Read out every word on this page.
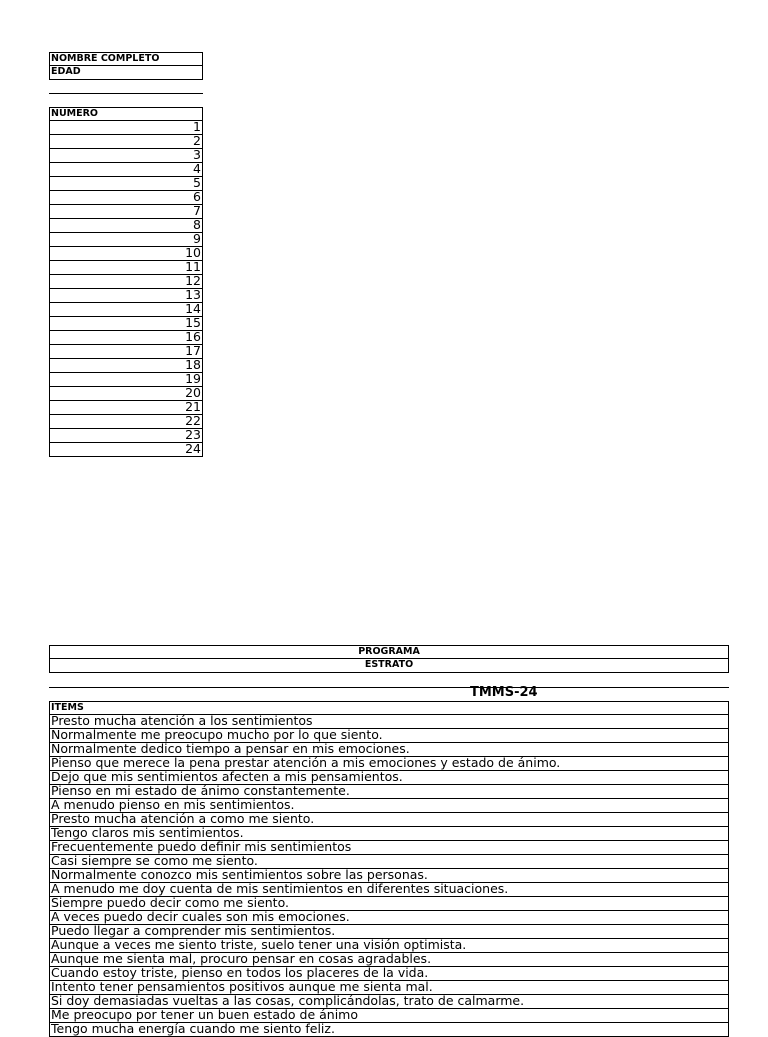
NOMBRE COMPLETO
EDAD
NUMERO
1
2
3
4
5
6
7
8
9
10
11
12
13
14
15
16
17
18
19
20
21
22
23
24
PROGRAMA
ESTRATO
TMMS-24
ITEMS
Presto mucha atención a los sentimientos
Normalmente me preocupo mucho por lo que siento.
Normalmente dedico tiempo a pensar en mis emociones.
Pienso que merece la pena prestar atención a mis emociones y estado de ánimo.
Dejo que mis sentimientos afecten a mis pensamientos.
Pienso en mi estado de ánimo constantemente.
A menudo pienso en mis sentimientos.
Presto mucha atención a como me siento.
Tengo claros mis sentimientos.
Frecuentemente puedo definir mis sentimientos
Casi siempre se como me siento.
Normalmente conozco mis sentimientos sobre las personas.
A menudo me doy cuenta de mis sentimientos en diferentes situaciones.
Siempre puedo decir como me siento.
A veces puedo decir cuales son mis emociones.
Puedo llegar a comprender mis sentimientos.
Aunque a veces me siento triste, suelo tener una visión optimista.
Aunque me sienta mal, procuro pensar en cosas agradables.
Cuando estoy triste, pienso en todos los placeres de la vida.
Intento tener pensamientos positivos aunque me sienta mal.
Si doy demasiadas vueltas a las cosas, complicándolas, trato de calmarme.
Me preocupo por tener un buen estado de ánimo
Tengo mucha energía cuando me siento feliz.
